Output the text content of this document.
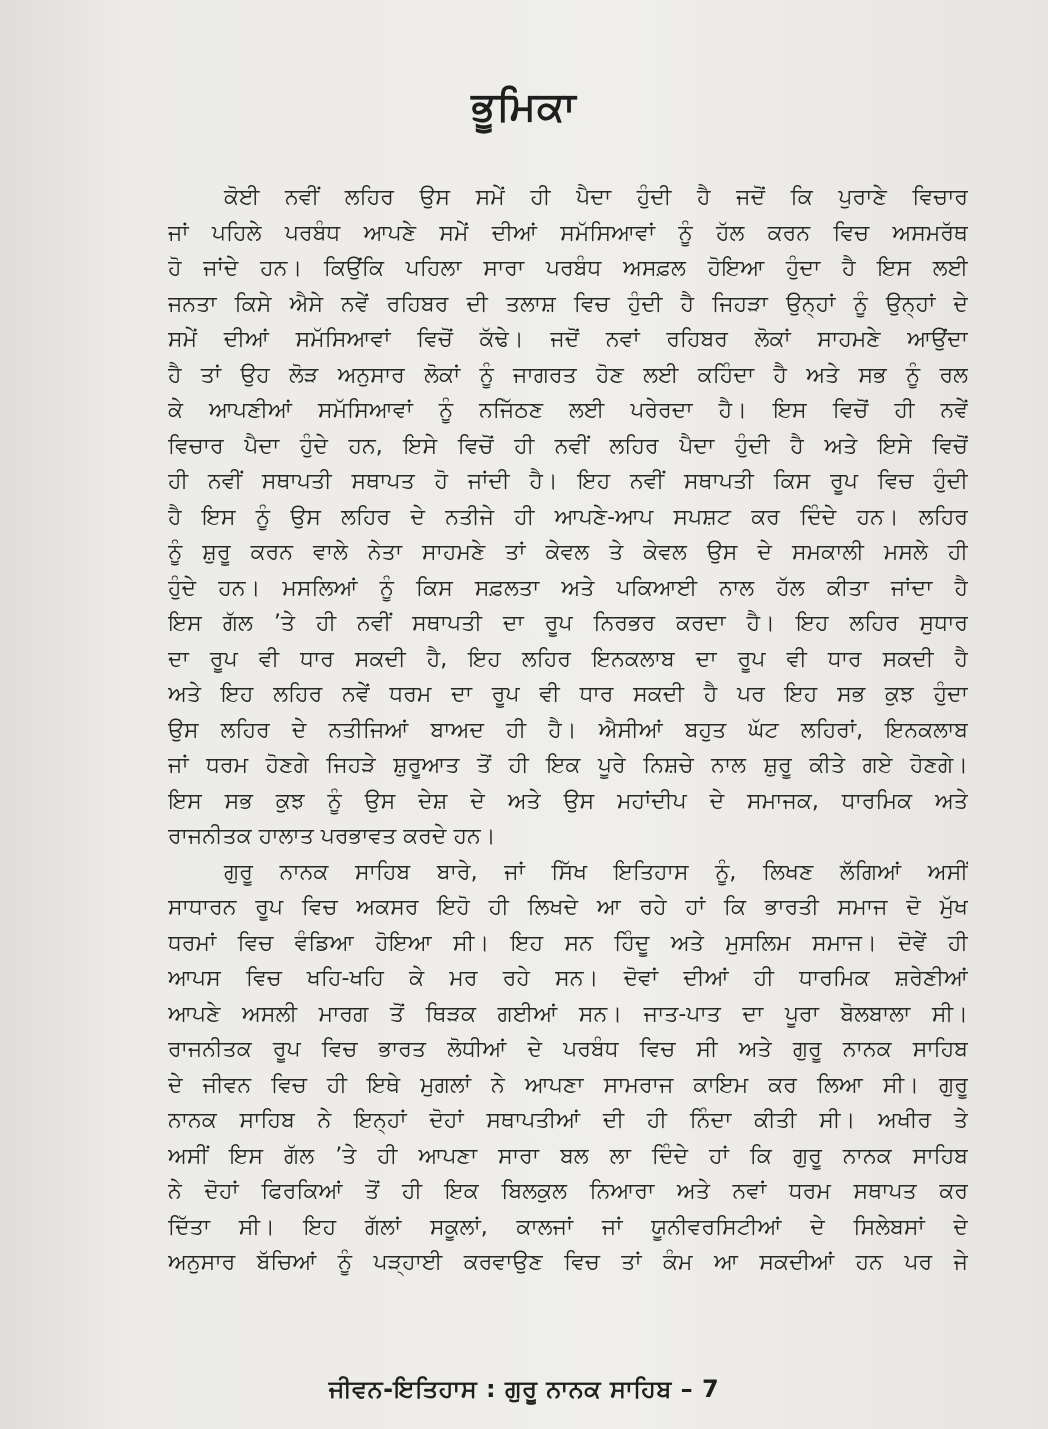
ਭੂਮਿਕਾ
ਕੋਈ ਨਵੀਂ ਲਹਿਰ ਉਸ ਸਮੇਂ ਹੀ ਪੈਦਾ ਹੁੰਦੀ ਹੈ ਜਦੋਂ ਕਿ ਪੁਰਾਣੇ ਵਿਚਾਰ
ਜਾਂ ਪਹਿਲੇ ਪਰਬੰਧ ਆਪਣੇ ਸਮੇਂ ਦੀਆਂ ਸਮੱਸਿਆਵਾਂ ਨੂੰ ਹੱਲ ਕਰਨ ਵਿਚ ਅਸਮਰੱਥ
ਹੋ ਜਾਂਦੇ ਹਨ। ਕਿਉਂਕਿ ਪਹਿਲਾ ਸਾਰਾ ਪਰਬੰਧ ਅਸਫ਼ਲ ਹੋਇਆ ਹੁੰਦਾ ਹੈ ਇਸ ਲਈ
ਜਨਤਾ ਕਿਸੇ ਐਸੇ ਨਵੇਂ ਰਹਿਬਰ ਦੀ ਤਲਾਸ਼ ਵਿਚ ਹੁੰਦੀ ਹੈ ਜਿਹੜਾ ਉਨ੍ਹਾਂ ਨੂੰ ਉਨ੍ਹਾਂ ਦੇ
ਸਮੇਂ ਦੀਆਂ ਸਮੱਸਿਆਵਾਂ ਵਿਚੋਂ ਕੱਢੇ। ਜਦੋਂ ਨਵਾਂ ਰਹਿਬਰ ਲੋਕਾਂ ਸਾਹਮਣੇ ਆਉਂਦਾ
ਹੈ ਤਾਂ ਉਹ ਲੋੜ ਅਨੁਸਾਰ ਲੋਕਾਂ ਨੂੰ ਜਾਗਰਤ ਹੋਣ ਲਈ ਕਹਿੰਦਾ ਹੈ ਅਤੇ ਸਭ ਨੂੰ ਰਲ
ਕੇ ਆਪਣੀਆਂ ਸਮੱਸਿਆਵਾਂ ਨੂੰ ਨਜਿੱਠਣ ਲਈ ਪਰੇਰਦਾ ਹੈ। ਇਸ ਵਿਚੋਂ ਹੀ ਨਵੇਂ
ਵਿਚਾਰ ਪੈਦਾ ਹੁੰਦੇ ਹਨ, ਇਸੇ ਵਿਚੋਂ ਹੀ ਨਵੀਂ ਲਹਿਰ ਪੈਦਾ ਹੁੰਦੀ ਹੈ ਅਤੇ ਇਸੇ ਵਿਚੋਂ
ਹੀ ਨਵੀਂ ਸਥਾਪਤੀ ਸਥਾਪਤ ਹੋ ਜਾਂਦੀ ਹੈ। ਇਹ ਨਵੀਂ ਸਥਾਪਤੀ ਕਿਸ ਰੂਪ ਵਿਚ ਹੁੰਦੀ
ਹੈ ਇਸ ਨੂੰ ਉਸ ਲਹਿਰ ਦੇ ਨਤੀਜੇ ਹੀ ਆਪਣੇ-ਆਪ ਸਪਸ਼ਟ ਕਰ ਦਿੰਦੇ ਹਨ। ਲਹਿਰ
ਨੂੰ ਸ਼ੁਰੂ ਕਰਨ ਵਾਲੇ ਨੇਤਾ ਸਾਹਮਣੇ ਤਾਂ ਕੇਵਲ ਤੇ ਕੇਵਲ ਉਸ ਦੇ ਸਮਕਾਲੀ ਮਸਲੇ ਹੀ
ਹੁੰਦੇ ਹਨ। ਮਸਲਿਆਂ ਨੂੰ ਕਿਸ ਸਫ਼ਲਤਾ ਅਤੇ ਪਕਿਆਈ ਨਾਲ ਹੱਲ ਕੀਤਾ ਜਾਂਦਾ ਹੈ
ਇਸ ਗੱਲ ’ਤੇ ਹੀ ਨਵੀਂ ਸਥਾਪਤੀ ਦਾ ਰੂਪ ਨਿਰਭਰ ਕਰਦਾ ਹੈ। ਇਹ ਲਹਿਰ ਸੁਧਾਰ
ਦਾ ਰੂਪ ਵੀ ਧਾਰ ਸਕਦੀ ਹੈ, ਇਹ ਲਹਿਰ ਇਨਕਲਾਬ ਦਾ ਰੂਪ ਵੀ ਧਾਰ ਸਕਦੀ ਹੈ
ਅਤੇ ਇਹ ਲਹਿਰ ਨਵੇਂ ਧਰਮ ਦਾ ਰੂਪ ਵੀ ਧਾਰ ਸਕਦੀ ਹੈ ਪਰ ਇਹ ਸਭ ਕੁਝ ਹੁੰਦਾ
ਉਸ ਲਹਿਰ ਦੇ ਨਤੀਜਿਆਂ ਬਾਅਦ ਹੀ ਹੈ। ਐਸੀਆਂ ਬਹੁਤ ਘੱਟ ਲਹਿਰਾਂ, ਇਨਕਲਾਬ
ਜਾਂ ਧਰਮ ਹੋਣਗੇ ਜਿਹੜੇ ਸ਼ੁਰੂਆਤ ਤੋਂ ਹੀ ਇਕ ਪੂਰੇ ਨਿਸ਼ਚੇ ਨਾਲ ਸ਼ੁਰੂ ਕੀਤੇ ਗਏ ਹੋਣਗੇ।
ਇਸ ਸਭ ਕੁਝ ਨੂੰ ਉਸ ਦੇਸ਼ ਦੇ ਅਤੇ ਉਸ ਮਹਾਂਦੀਪ ਦੇ ਸਮਾਜਕ, ਧਾਰਮਿਕ ਅਤੇ
ਰਾਜਨੀਤਕ ਹਾਲਾਤ ਪਰਭਾਵਤ ਕਰਦੇ ਹਨ।
ਗੁਰੂ ਨਾਨਕ ਸਾਹਿਬ ਬਾਰੇ, ਜਾਂ ਸਿੱਖ ਇਤਿਹਾਸ ਨੂੰ, ਲਿਖਣ ਲੱਗਿਆਂ ਅਸੀਂ
ਸਾਧਾਰਨ ਰੂਪ ਵਿਚ ਅਕਸਰ ਇਹੋ ਹੀ ਲਿਖਦੇ ਆ ਰਹੇ ਹਾਂ ਕਿ ਭਾਰਤੀ ਸਮਾਜ ਦੋ ਮੁੱਖ
ਧਰਮਾਂ ਵਿਚ ਵੰਡਿਆ ਹੋਇਆ ਸੀ। ਇਹ ਸਨ ਹਿੰਦੂ ਅਤੇ ਮੁਸਲਿਮ ਸਮਾਜ। ਦੋਵੇਂ ਹੀ
ਆਪਸ ਵਿਚ ਖਹਿ-ਖਹਿ ਕੇ ਮਰ ਰਹੇ ਸਨ। ਦੋਵਾਂ ਦੀਆਂ ਹੀ ਧਾਰਮਿਕ ਸ਼ਰੇਣੀਆਂ
ਆਪਣੇ ਅਸਲੀ ਮਾਰਗ ਤੋਂ ਥਿੜਕ ਗਈਆਂ ਸਨ। ਜਾਤ-ਪਾਤ ਦਾ ਪੂਰਾ ਬੋਲਬਾਲਾ ਸੀ।
ਰਾਜਨੀਤਕ ਰੂਪ ਵਿਚ ਭਾਰਤ ਲੋਧੀਆਂ ਦੇ ਪਰਬੰਧ ਵਿਚ ਸੀ ਅਤੇ ਗੁਰੂ ਨਾਨਕ ਸਾਹਿਬ
ਦੇ ਜੀਵਨ ਵਿਚ ਹੀ ਇਥੇ ਮੁਗਲਾਂ ਨੇ ਆਪਣਾ ਸਾਮਰਾਜ ਕਾਇਮ ਕਰ ਲਿਆ ਸੀ। ਗੁਰੂ
ਨਾਨਕ ਸਾਹਿਬ ਨੇ ਇਨ੍ਹਾਂ ਦੋਹਾਂ ਸਥਾਪਤੀਆਂ ਦੀ ਹੀ ਨਿੰਦਾ ਕੀਤੀ ਸੀ। ਅਖੀਰ ਤੇ
ਅਸੀਂ ਇਸ ਗੱਲ ’ਤੇ ਹੀ ਆਪਣਾ ਸਾਰਾ ਬਲ ਲਾ ਦਿੰਦੇ ਹਾਂ ਕਿ ਗੁਰੂ ਨਾਨਕ ਸਾਹਿਬ
ਨੇ ਦੋਹਾਂ ਫਿਰਕਿਆਂ ਤੋਂ ਹੀ ਇਕ ਬਿਲਕੁਲ ਨਿਆਰਾ ਅਤੇ ਨਵਾਂ ਧਰਮ ਸਥਾਪਤ ਕਰ
ਦਿੱਤਾ ਸੀ। ਇਹ ਗੱਲਾਂ ਸਕੂਲਾਂ, ਕਾਲਜਾਂ ਜਾਂ ਯੂਨੀਵਰਸਿਟੀਆਂ ਦੇ ਸਿਲੇਬਸਾਂ ਦੇ
ਅਨੁਸਾਰ ਬੱਚਿਆਂ ਨੂੰ ਪੜ੍ਹਾਈ ਕਰਵਾਉਣ ਵਿਚ ਤਾਂ ਕੰਮ ਆ ਸਕਦੀਆਂ ਹਨ ਪਰ ਜੇ
ਜੀਵਨ-ਇਤਿਹਾਸ : ਗੁਰੂ ਨਾਨਕ ਸਾਹਿਬ – 7
